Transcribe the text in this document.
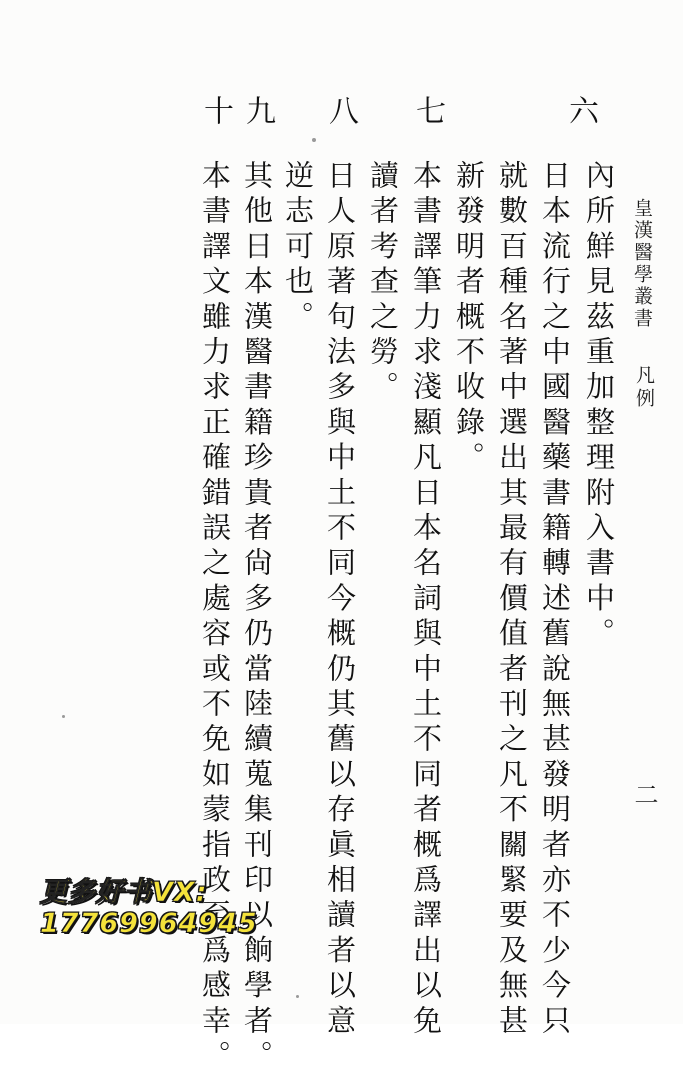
皇漢醫學叢書
凡例
二
六
七
八
九
十
內所鮮見茲重加整理附入書中。
日本流行之中國醫藥書籍轉述舊說無甚發明者亦不少今只
就數百種名著中選出其最有價值者刊之凡不關緊要及無甚
新發明者概不收錄。
本書譯筆力求淺顯凡日本名詞與中土不同者概爲譯出以免
讀者考查之勞。
日人原著句法多與中土不同今概仍其舊以存眞相讀者以意
逆志可也。
其他日本漢醫書籍珍貴者尙多仍當陸續蒐集刊印以餉學者。
本書譯文雖力求正確錯誤之處容或不免如蒙指政至爲感幸。
更多好书VX:
17769964945
